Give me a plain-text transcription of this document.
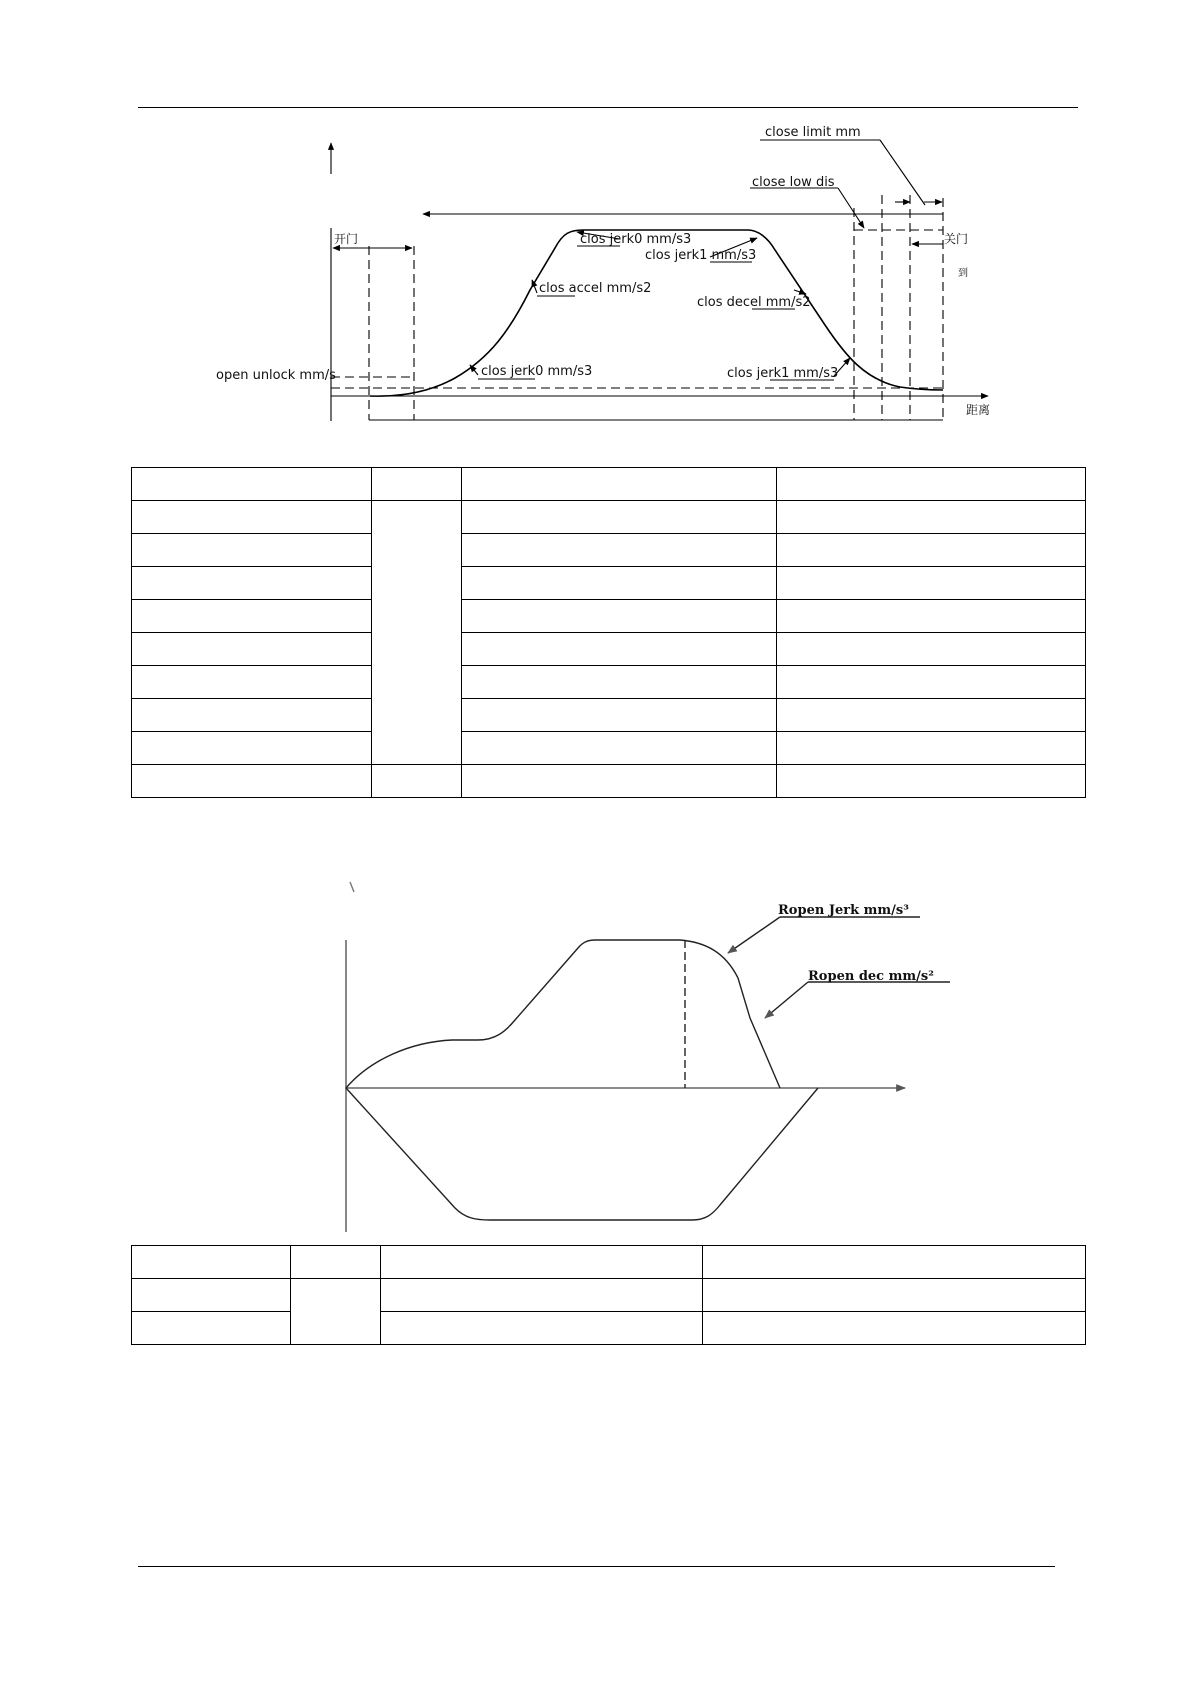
close limit mm
close low dis
clos jerk0 mm/s3
clos jerk1 mm/s3
clos accel mm/s2
clos decel mm/s2
open unlock mm/s	clos jerk0 mm/s3	clos jerk1 mm/s3
开门	关门
到
距离

Ropen Jerk mm/s³
Ropen dec mm/s²
